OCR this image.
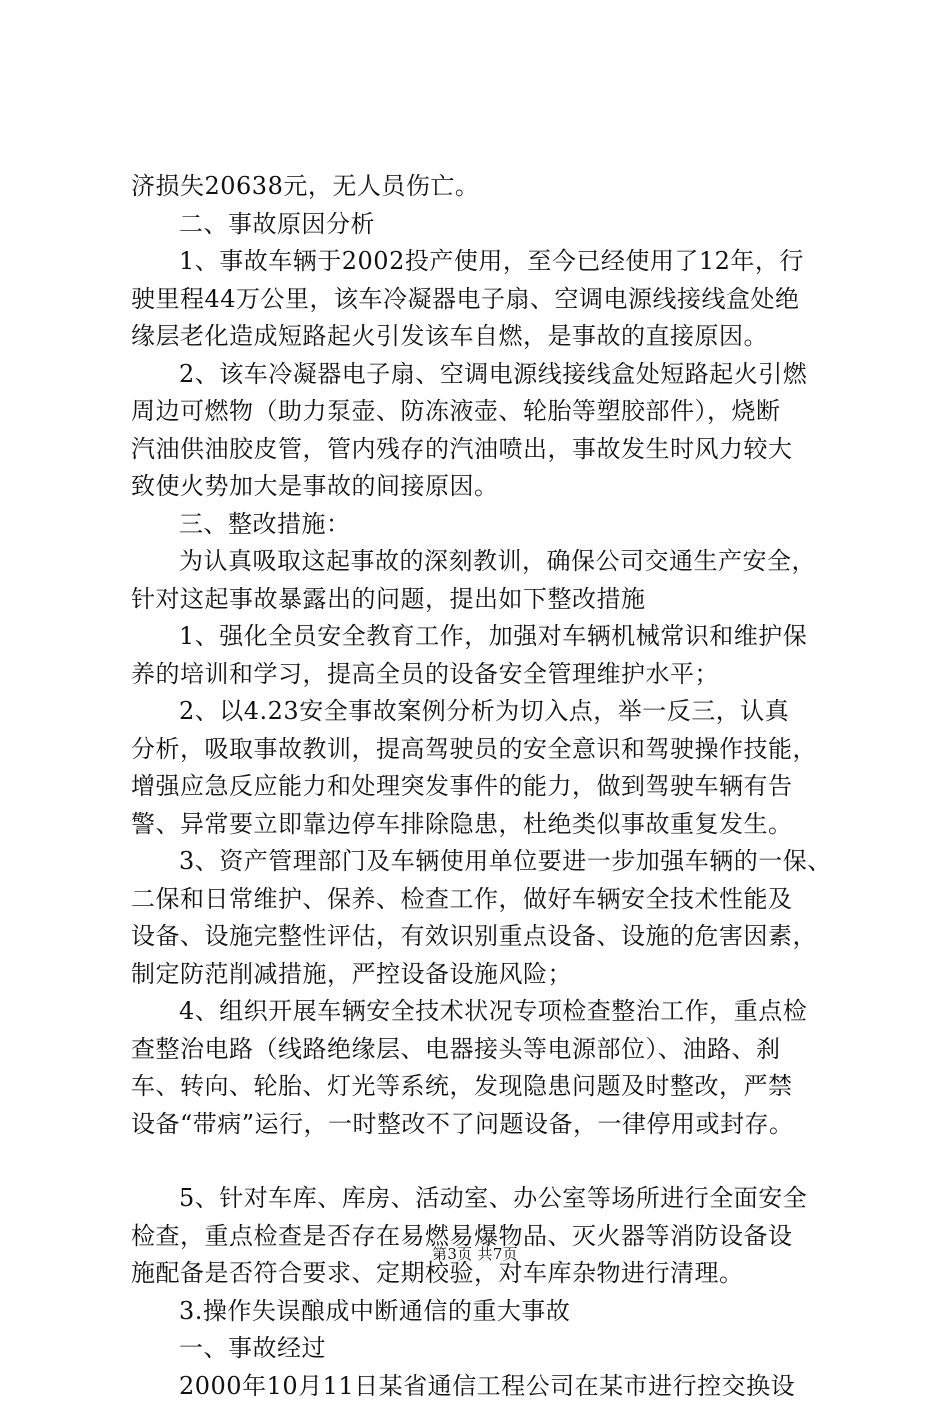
济损失20638元，无人员伤亡。
二、事故原因分析
1、事故车辆于2002投产使用，至今已经使用了12年，行
驶里程44万公里，该车冷凝器电子扇、空调电源线接线盒处绝
缘层老化造成短路起火引发该车自燃，是事故的直接原因。
2、该车冷凝器电子扇、空调电源线接线盒处短路起火引燃
周边可燃物（助力泵壶、防冻液壶、轮胎等塑胶部件），烧断
汽油供油胶皮管，管内残存的汽油喷出，事故发生时风力较大
致使火势加大是事故的间接原因。
三、整改措施：
为认真吸取这起事故的深刻教训，确保公司交通生产安全，
针对这起事故暴露出的问题，提出如下整改措施
1、强化全员安全教育工作，加强对车辆机械常识和维护保
养的培训和学习，提高全员的设备安全管理维护水平；
2、以4.23安全事故案例分析为切入点，举一反三，认真
分析，吸取事故教训，提高驾驶员的安全意识和驾驶操作技能，
增强应急反应能力和处理突发事件的能力，做到驾驶车辆有告
警、异常要立即靠边停车排除隐患，杜绝类似事故重复发生。
3、资产管理部门及车辆使用单位要进一步加强车辆的一保、
二保和日常维护、保养、检查工作，做好车辆安全技术性能及
设备、设施完整性评估，有效识别重点设备、设施的危害因素，
制定防范削减措施，严控设备设施风险；
4、组织开展车辆安全技术状况专项检查整治工作，重点检
查整治电路（线路绝缘层、电器接头等电源部位）、油路、刹
车、转向、轮胎、灯光等系统，发现隐患问题及时整改，严禁
设备“带病”运行，一时整改不了问题设备，一律停用或封存。
5、针对车库、库房、活动室、办公室等场所进行全面安全
检查，重点检查是否存在易燃易爆物品、灭火器等消防设备设
施配备是否符合要求、定期校验，对车库杂物进行清理。
3.操作失误酿成中断通信的重大事故
一、事故经过
2000年10月11日某省通信工程公司在某市进行控交换设
第3页 共7页
